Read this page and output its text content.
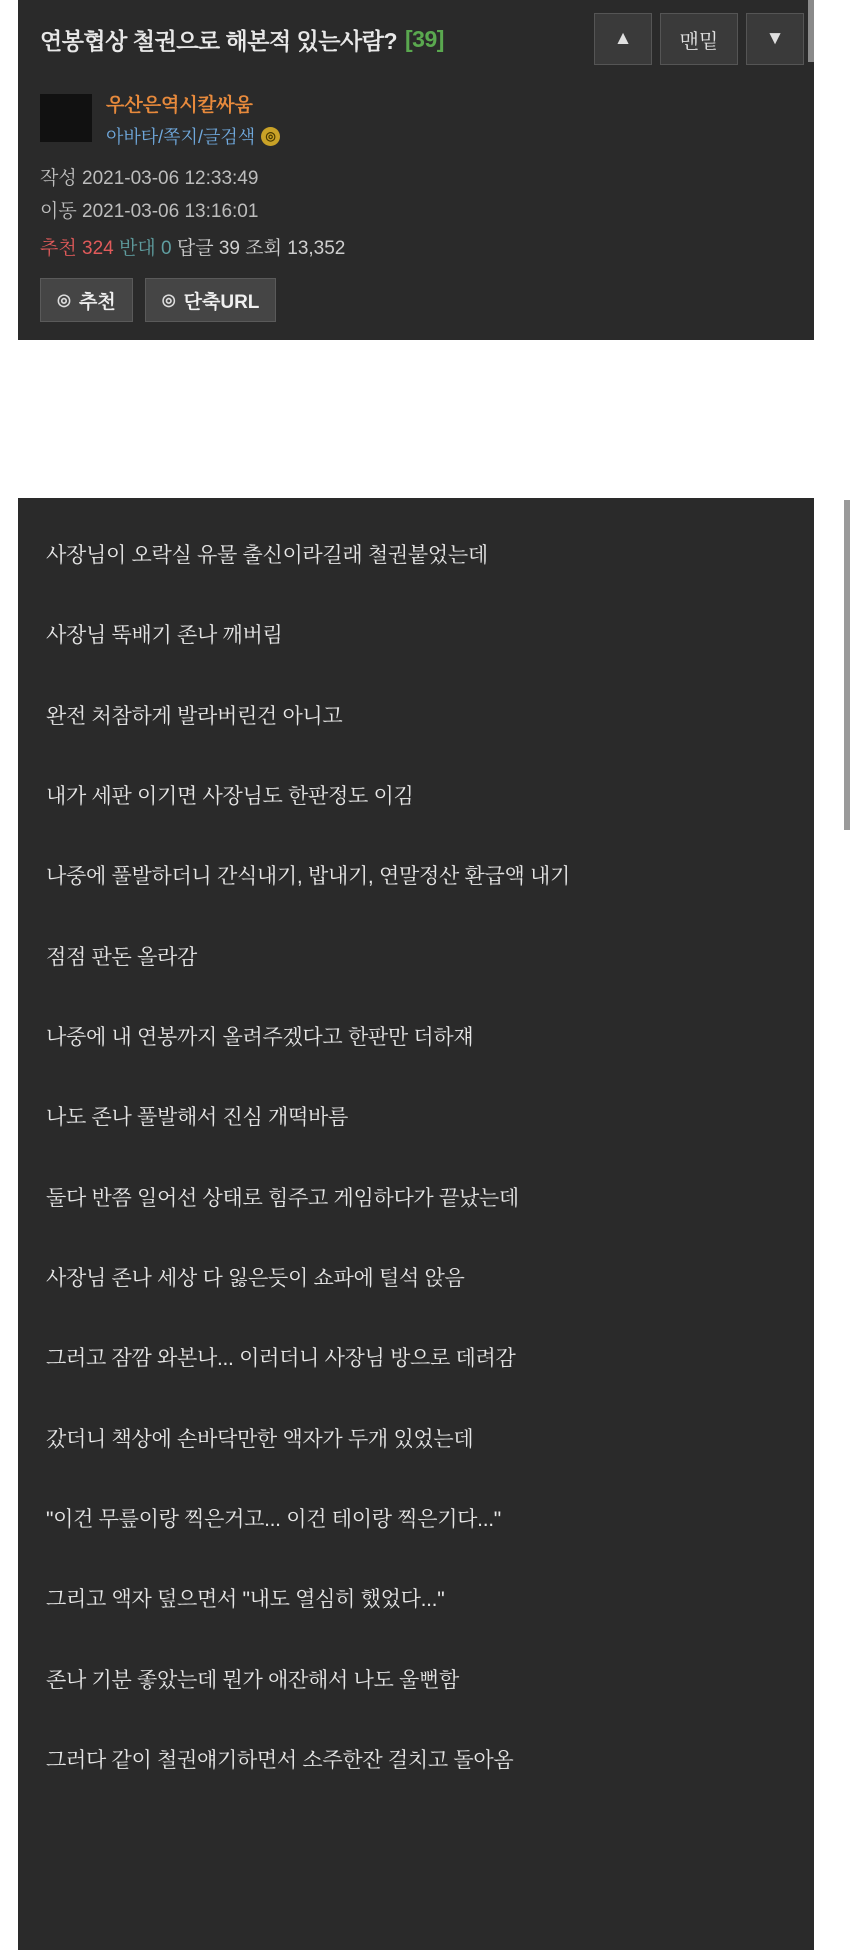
연봉협상 철권으로 해본적 있는사람? [39]	▲	맨밑	▼
우산은역시칼싸움
아바타/쪽지/글검색 ◎
작성 2021-03-06 12:33:49
이동 2021-03-06 13:16:01
추천 324 반대 0 답글 39 조회 13,352
◎ 추천	◎ 단축URL

사장님이 오락실 유물 출신이라길래 철권붙었는데

사장님 뚝배기 존나 깨버림

완전 처참하게 발라버린건 아니고

내가 세판 이기면 사장님도 한판정도 이김

나중에 풀발하더니 간식내기, 밥내기, 연말정산 환급액 내기

점점 판돈 올라감

나중에 내 연봉까지 올려주겠다고 한판만 더하쟤

나도 존나 풀발해서 진심 개떡바름

둘다 반쯤 일어선 상태로 힘주고 게임하다가 끝났는데

사장님 존나 세상 다 잃은듯이 쇼파에 털석 앉음

그러고 잠깜 와본나... 이러더니 사장님 방으로 데려감

갔더니 책상에 손바닥만한 액자가 두개 있었는데

"이건 무릎이랑 찍은거고... 이건 테이랑 찍은기다..."

그리고 액자 덮으면서 "내도 열심히 했었다..."

존나 기분 좋았는데 뭔가 애잔해서 나도 울뻔함

그러다 같이 철권얘기하면서 소주한잔 걸치고 돌아옴
